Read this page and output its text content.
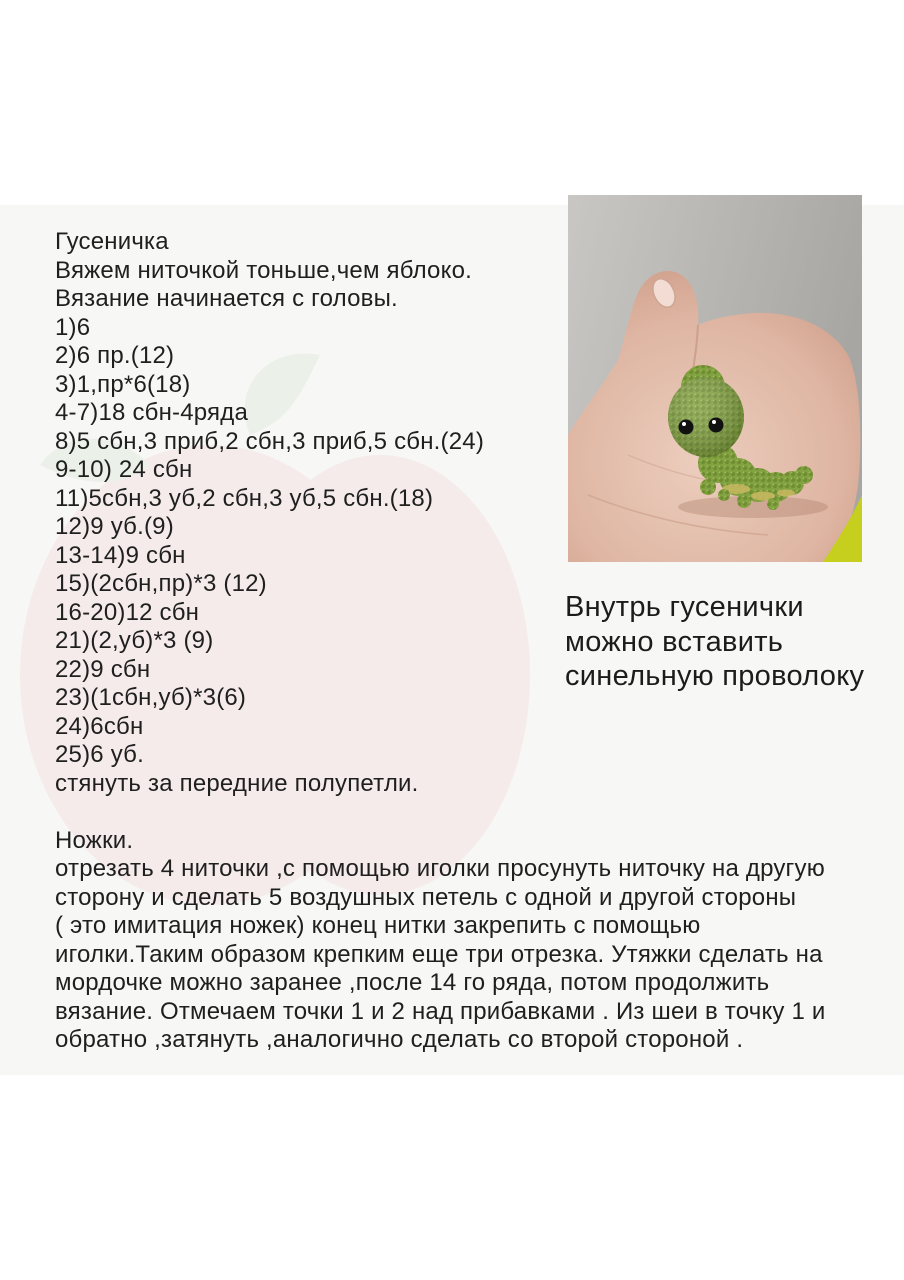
Гусеничка
Вяжем ниточкой тоньше,чем яблоко.
Вязание начинается с головы.
1)6
2)6 пр.(12)
3)1,пр*6(18)
4-7)18 сбн-4ряда
8)5 сбн,3 приб,2 сбн,3 приб,5 сбн.(24)
9-10) 24 сбн
11)5сбн,3 уб,2 сбн,3 уб,5 сбн.(18)
12)9 уб.(9)
13-14)9 сбн
15)(2сбн,пр)*3 (12)
16-20)12 сбн
21)(2,уб)*3 (9)
22)9 сбн
23)(1сбн,уб)*3(6)
24)6сбн
25)6 уб.
стянуть за передние полупетли.
Ножки.
отрезать 4 ниточки ,с помощью иголки просунуть ниточку на другую
сторону и сделать 5 воздушных петель с одной и другой стороны
( это имитация ножек) конец нитки закрепить с помощью
иголки.Таким образом крепким еще три отрезка. Утяжки сделать на
мордочке можно заранее ,после 14 го ряда, потом продолжить
вязание. Отмечаем точки 1 и 2 над прибавками . Из шеи в точку 1 и
обратно ,затянуть ,аналогично сделать со второй стороной .
Внутрь гусенички
можно вставить
синельную проволоку
